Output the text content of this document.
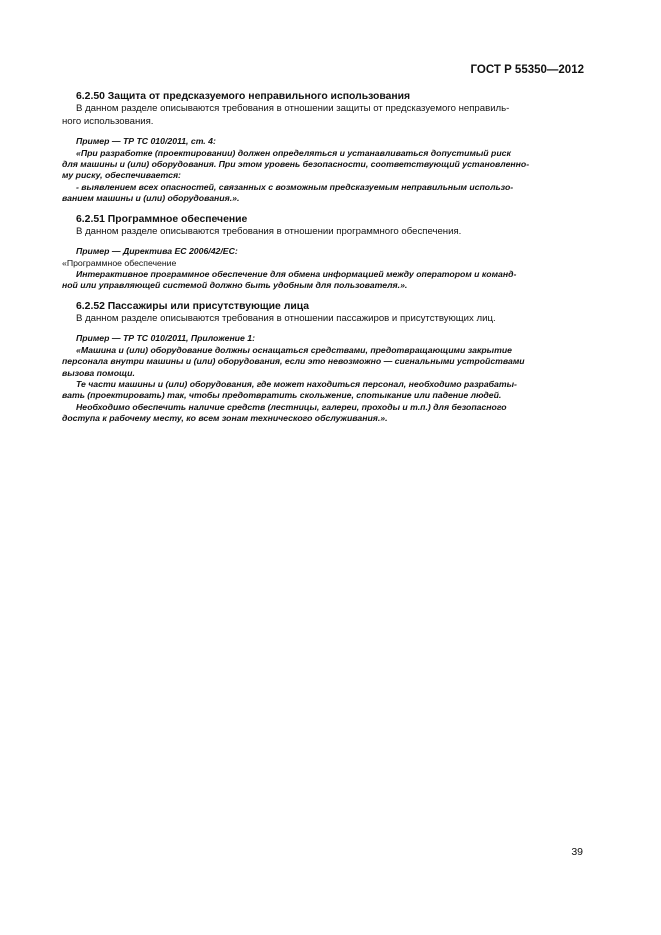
ГОСТ Р 55350—2012

6.2.50 Защита от предсказуемого неправильного использования

В данном разделе описываются требования в отношении защиты от предсказуемого неправиль-

ного использования.

Пример — ТР ТС 010/2011, ст. 4:

«При разработке (проектировании) должен определяться и устанавливаться допустимый риск

для машины и (или) оборудования. При этом уровень безопасности, соответствующий установленно-

му риску, обеспечивается:

- выявлением всех опасностей, связанных с возможным предсказуемым неправильным использо-

ванием машины и (или) оборудования.».

6.2.51 Программное обеспечение

В данном разделе описываются требования в отношении программного обеспечения.

Пример — Директива ЕС 2006/42/ЕС:

«Программное обеспечение

Интерактивное программное обеспечение для обмена информацией между оператором и команд-

ной или управляющей системой должно быть удобным для пользователя.».

6.2.52 Пассажиры или присутствующие лица

В данном разделе описываются требования в отношении пассажиров и присутствующих лиц.

Пример — ТР ТС 010/2011, Приложение 1:

«Машина и (или) оборудование должны оснащаться средствами, предотвращающими закрытие

персонала внутри машины и (или) оборудования, если это невозможно — сигнальными устройствами

вызова помощи.

Те части машины и (или) оборудования, где может находиться персонал, необходимо разрабаты-

вать (проектировать) так, чтобы предотвратить скольжение, спотыкание или падение людей.

Необходимо обеспечить наличие средств (лестницы, галереи, проходы и т.п.) для безопасного

доступа к рабочему месту, ко всем зонам технического обслуживания.».

39
